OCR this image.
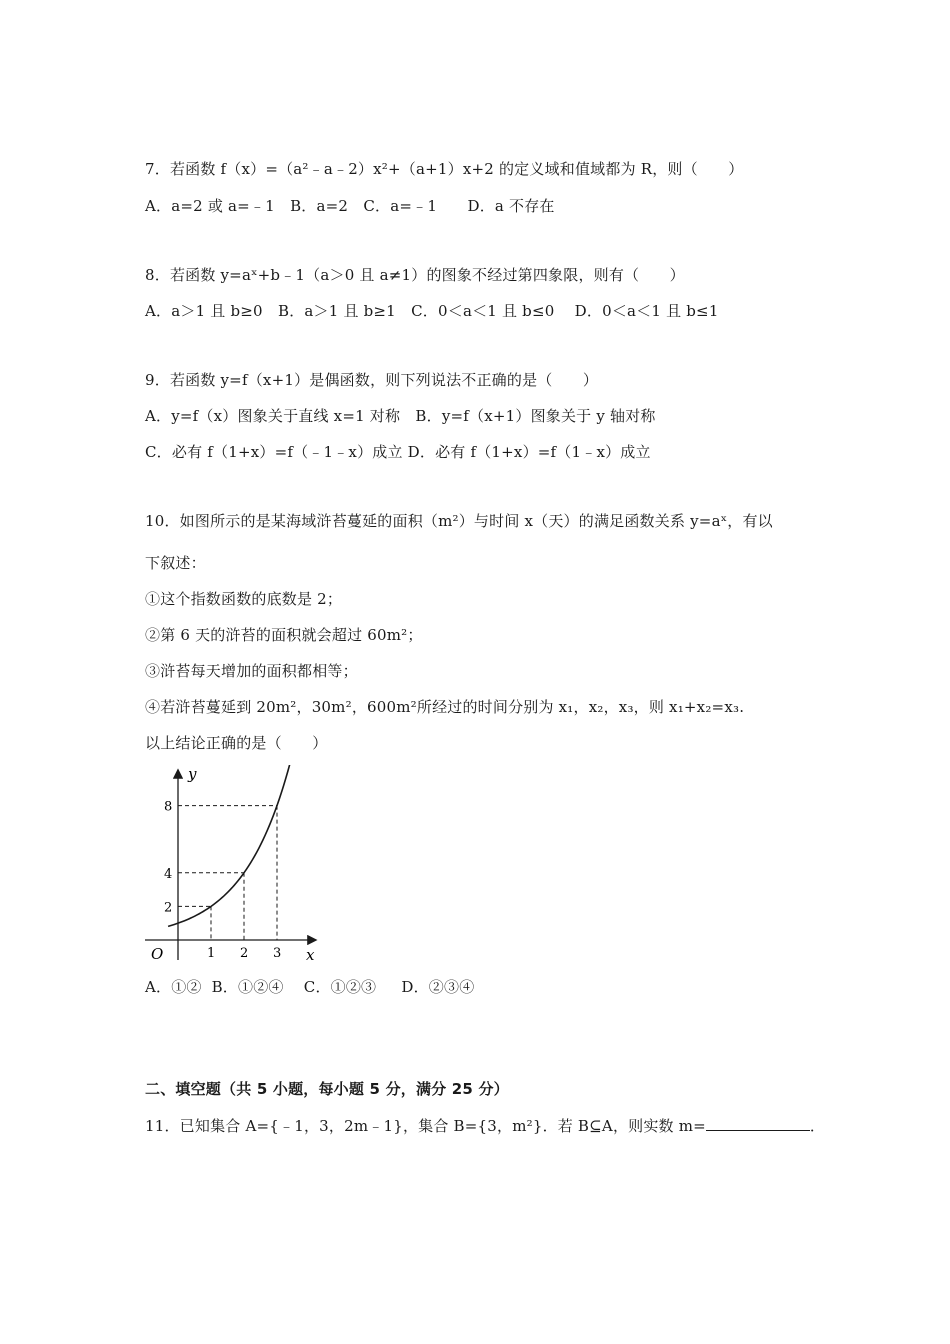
7．若函数 f（x）=（a²﹣a﹣2）x²+（a+1）x+2 的定义域和值域都为 R，则（　　）
A．a=2 或 a=﹣1　B．a=2　C．a=﹣1　　D．a 不存在
8．若函数 y=aˣ+b﹣1（a＞0 且 a≠1）的图象不经过第四象限，则有（　　）
A．a＞1 且 b≥0　B．a＞1 且 b≥1　C．0＜a＜1 且 b≤0　 D．0＜a＜1 且 b≤1
9．若函数 y=f（x+1）是偶函数，则下列说法不正确的是（　　）
A．y=f（x）图象关于直线 x=1 对称　B．y=f（x+1）图象关于 y 轴对称
C．必有 f（1+x）=f（﹣1﹣x）成立 D．必有 f（1+x）=f（1﹣x）成立
10．如图所示的是某海域浒苔蔓延的面积（m²）与时间 x（天）的满足函数关系 y=aˣ，有以
下叙述：
①这个指数函数的底数是 2；
②第 6 天的浒苔的面积就会超过 60m²；
③浒苔每天增加的面积都相等；
④若浒苔蔓延到 20m²，30m²，600m²所经过的时间分别为 x₁，x₂，x₃，则 x₁+x₂=x₃.
以上结论正确的是（　　）
1 2 3
2
4
8
x
y
O
A．①②  B．①②④　 C．①②③　  D．②③④
二、填空题（共 5 小题，每小题 5 分，满分 25 分）
11．已知集合 A={﹣1，3，2m﹣1}，集合 B={3，m²}．若 B⊆A，则实数 m=	．
